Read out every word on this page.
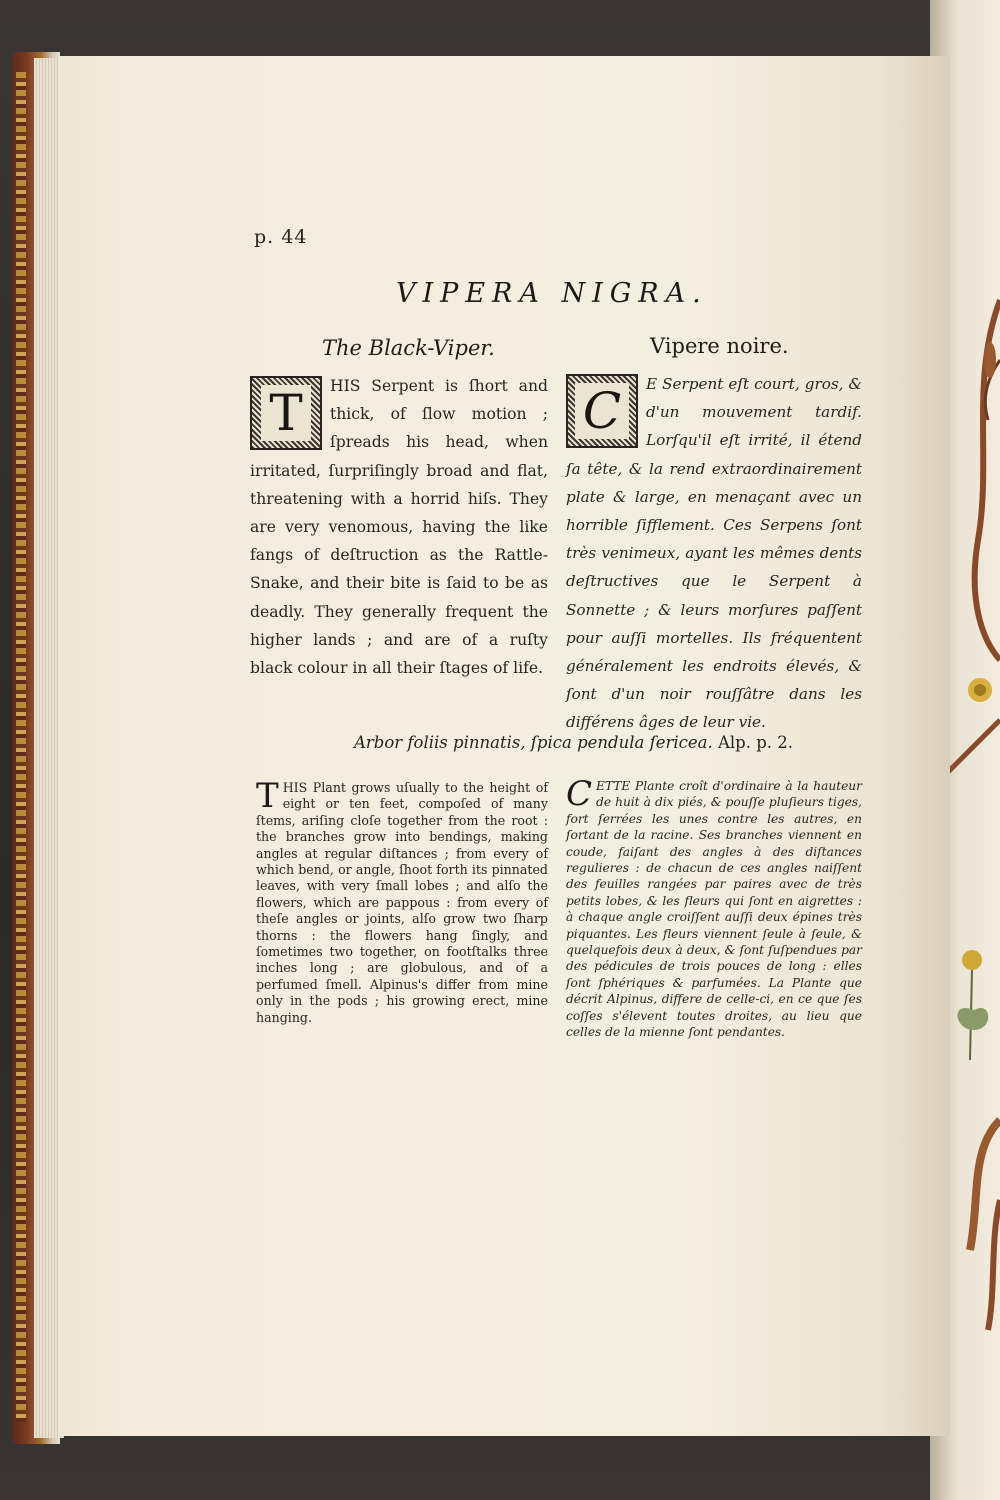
p. 44
VIPERA NIGRA.
The Black-Viper.	Vipere noire.
T	HIS Serpent is ſhort and thick, of ſlow motion ; ſpreads his head, when irritated, ſurpriſingly broad and flat, threatening with a horrid hiſs. They are very venomous, having the like fangs of deſtruction as the Rattle-Snake, and their bite is ſaid to be as deadly. They generally frequent the higher lands ; and are of a ruſty black colour in all their ſtages of life.
C	E Serpent eſt court, gros, & d'un mouvement tardif. Lorſqu'il eſt irrité, il étend ſa tête, & la rend extraordinairement plate & large, en menaçant avec un horrible ſifflement. Ces Serpens ſont très venimeux, ayant les mêmes dents deſtructives que le Serpent à Sonnette ; & leurs morſures paſſent pour auſſi mortelles. Ils fréquentent généralement les endroits élevés, & ſont d'un noir rouſſâtre dans les différens âges de leur vie.
Arbor foliis pinnatis, ſpica pendula ſericea. Alp. p. 2.
T HIS Plant grows uſually to the height of eight or ten feet, compoſed of many ſtems, ariſing cloſe together from the root : the branches grow into bendings, making angles at regular diſtances ; from every of which bend, or angle, ſhoot forth its pinnated leaves, with very ſmall lobes ; and alſo the flowers, which are pappous : from every of theſe angles or joints, alſo grow two ſharp thorns : the flowers hang ſingly, and ſometimes two together, on footſtalks three inches long ; are globulous, and of a perfumed ſmell. Alpinus's differ from mine only in the pods ; his growing erect, mine hanging.
C ETTE Plante croît d'ordinaire à la hauteur de huit à dix piés, & pouſſe pluſieurs tiges, fort ſerrées les unes contre les autres, en ſortant de la racine. Ses branches viennent en coude, faiſant des angles à des diſtances regulieres : de chacun de ces angles naiſſent des feuilles rangées par paires avec de très petits lobes, & les fleurs qui ſont en aigrettes : à chaque angle croiſſent auſſi deux épines très piquantes. Les fleurs viennent ſeule à ſeule, & quelquefois deux à deux, & ſont ſuſpendues par des pédicules de trois pouces de long : elles ſont ſphériques & parfumées. La Plante que décrit Alpinus, differe de celle-ci, en ce que ſes coſſes s'élevent toutes droites, au lieu que celles de la mienne ſont pendantes.
